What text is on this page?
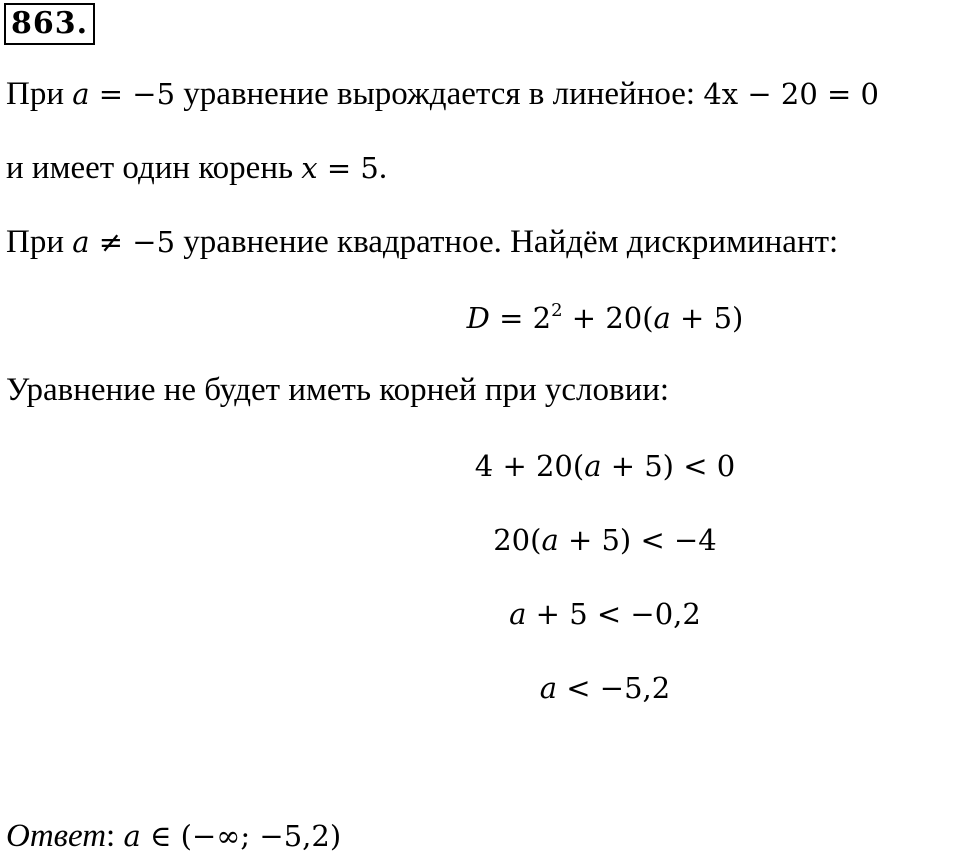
863.
При a = −5 уравнение вырождается в линейное: 4x − 20 = 0
и имеет один корень x = 5.
При a ≠ −5 уравнение квадратное. Найдём дискриминант:
$D = 2^2 + 20(a + 5)$
Уравнение не будет иметь корней при условии:
4 + 20(a + 5) < 0
20(a + 5) < −4
a + 5 < −0,2
a < −5,2
Ответ: a ∈ (−∞; −5,2)
